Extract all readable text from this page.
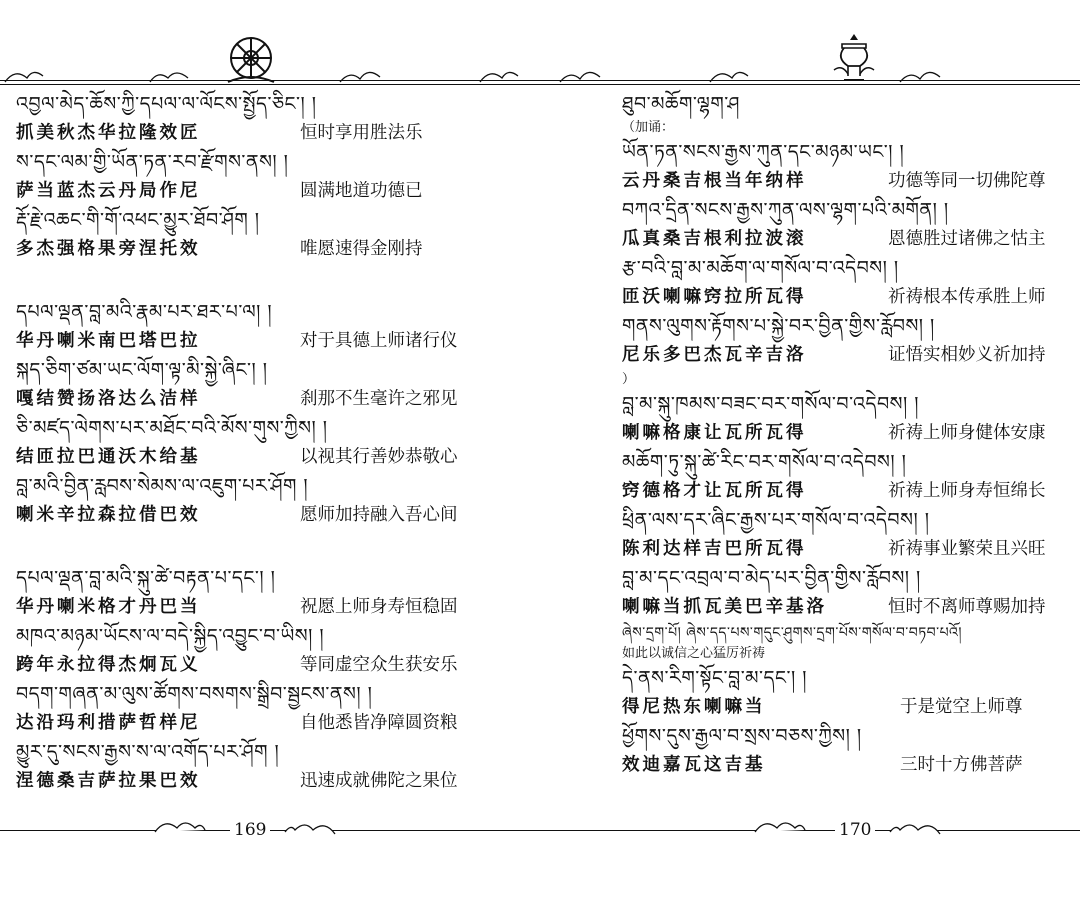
འབྱལ་མེད་ཆོས་ཀྱི་དཔལ་ལ་ལོངས་སྤྱོད་ཅིང་། །
抓美秋杰华拉隆效匠	恒时享用胜法乐
ས་དང་ལམ་གྱི་ཡོན་ཏན་རབ་རྫོགས་ནས། །
萨当蓝杰云丹局作尼	圆满地道功德已
རྡོ་རྗེ་འཆང་གི་གོ་འཕང་མྱུར་ཐོབ་ཤོག །
多杰强格果旁涅托效	唯愿速得金刚持
དཔལ་ལྡན་བླ་མའི་རྣམ་པར་ཐར་པ་ལ། །
华丹喇米南巴塔巴拉	对于具德上师诸行仪
སྐད་ཅིག་ཙམ་ཡང་ལོག་ལྟ་མི་སྐྱེ་ཞིང་། །
嘎结赞扬洛达么洁样	刹那不生毫许之邪见
ཅི་མཛད་ལེགས་པར་མཐོང་བའི་མོས་གུས་ཀྱིས། །
结匝拉巴通沃木给基	以视其行善妙恭敬心
བླ་མའི་བྱིན་རླབས་སེམས་ལ་འཇུག་པར་ཤོག །
喇米辛拉森拉借巴效	愿师加持融入吾心间
དཔལ་ལྡན་བླ་མའི་སྐུ་ཚེ་བརྟན་པ་དང་། །
华丹喇米格才丹巴当	祝愿上师身寿恒稳固
མཁའ་མཉམ་ཡོངས་ལ་བདེ་སྐྱིད་འབྱུང་བ་ཡིས། །
跨年永拉得杰炯瓦义	等同虚空众生获安乐
བདག་གཞན་མ་ལུས་ཚོགས་བསགས་སྒྲིབ་སྦྱངས་ནས། །
达沿玛利措萨哲样尼	自他悉皆净障圆资粮
མྱུར་དུ་སངས་རྒྱས་ས་ལ་འགོད་པར་ཤོག །
涅德桑吉萨拉果巴效	迅速成就佛陀之果位
169
ཐུབ་མཆོག་ལྷག་ཤ
（加诵：
ཡོན་ཏན་སངས་རྒྱས་ཀུན་དང་མཉམ་ཡང་། །
云丹桑吉根当年纳样	功德等同一切佛陀尊
བཀའ་དྲིན་སངས་རྒྱས་ཀུན་ལས་ལྷག་པའི་མགོན། །
瓜真桑吉根利拉波滚	恩德胜过诸佛之怙主
རྩ་བའི་བླ་མ་མཆོག་ལ་གསོལ་བ་འདེབས། །
匝沃喇嘛窍拉所瓦得	祈祷根本传承胜上师
གནས་ལུགས་རྟོགས་པ་སྐྱེ་བར་བྱིན་གྱིས་རློབས། །
尼乐多巴杰瓦辛吉洛	证悟实相妙义祈加持
）
བླ་མ་སྐུ་ཁམས་བཟང་བར་གསོལ་བ་འདེབས། །
喇嘛格康让瓦所瓦得	祈祷上师身健体安康
མཆོག་ཏུ་སྐུ་ཚེ་རིང་བར་གསོལ་བ་འདེབས། །
窍德格才让瓦所瓦得	祈祷上师身寿恒绵长
ཕྲིན་ལས་དར་ཞིང་རྒྱས་པར་གསོལ་བ་འདེབས། །
陈利达样吉巴所瓦得	祈祷事业繁荣且兴旺
བླ་མ་དང་འབྲལ་བ་མེད་པར་བྱིན་གྱིས་རློབས། །
喇嘛当抓瓦美巴辛基洛	恒时不离师尊赐加持
ཞེས་དྲག་པོ། ཞེས་དད་པས་གདུང་ཤུགས་དྲག་པོས་གསོལ་བ་བཏབ་པའོ།
如此以诚信之心猛厉祈祷
དེ་ནས་རིག་སྟོང་བླ་མ་དང་། །
得尼热东喇嘛当	于是觉空上师尊
ཕྱོགས་དུས་རྒྱལ་བ་སྲས་བཅས་ཀྱིས། །
效迪嘉瓦这吉基	三时十方佛菩萨
170
